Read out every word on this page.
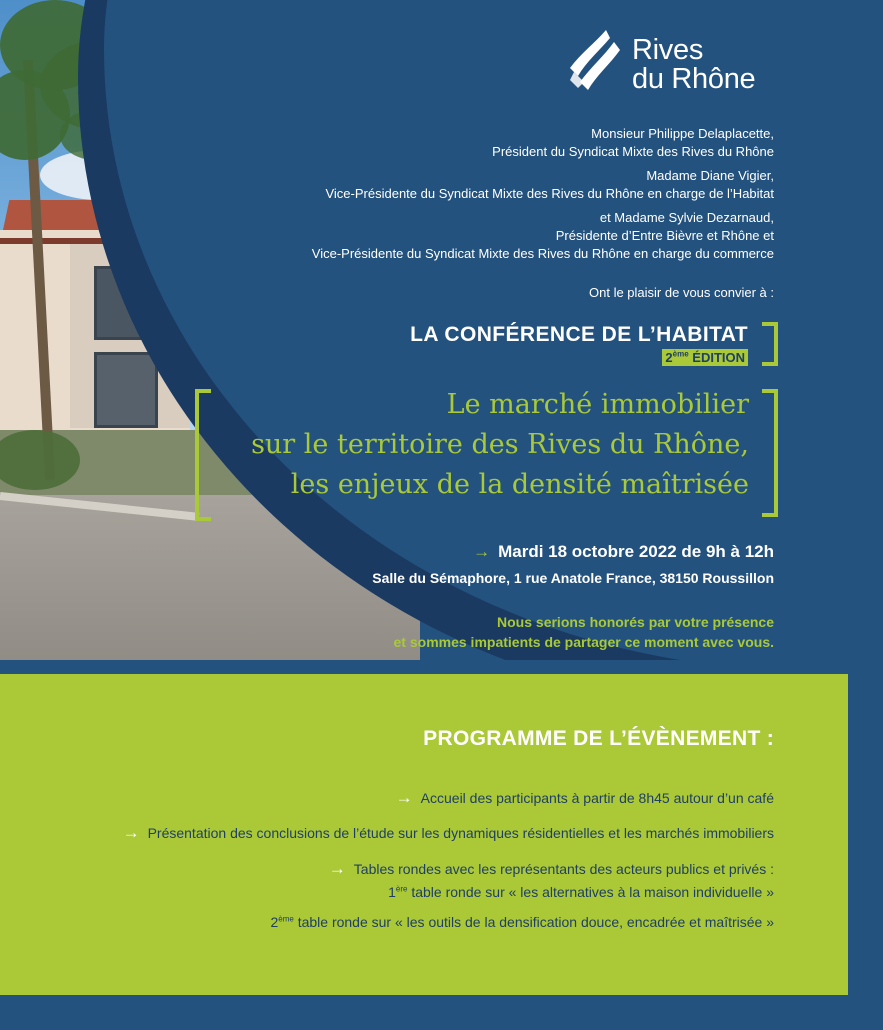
Rives
du Rhône

Monsieur Philippe Delaplacette,
Président du Syndicat Mixte des Rives du Rhône

Madame Diane Vigier,
Vice-Présidente du Syndicat Mixte des Rives du Rhône en charge de l’Habitat

et Madame Sylvie Dezarnaud,
Présidente d’Entre Bièvre et Rhône et
Vice-Présidente du Syndicat Mixte des Rives du Rhône en charge du commerce

Ont le plaisir de vous convier à :
LA CONFÉRENCE DE L’HABITAT
2ème ÉDITION
Le marché immobilier
sur le territoire des Rives du Rhône,
les enjeux de la densité maîtrisée
→ Mardi 18 octobre 2022 de 9h à 12h
Salle du Sémaphore, 1 rue Anatole France, 38150 Roussillon
Nous serions honorés par votre présence
et sommes impatients de partager ce moment avec vous.
PROGRAMME DE L’ÉVÈNEMENT :
→ Accueil des participants à partir de 8h45 autour d’un café
→ Présentation des conclusions de l’étude sur les dynamiques résidentielles et les marchés immobiliers
→ Tables rondes avec les représentants des acteurs publics et privés :
1ère table ronde sur « les alternatives à la maison individuelle »
2ème table ronde sur « les outils de la densification douce, encadrée et maîtrisée »
